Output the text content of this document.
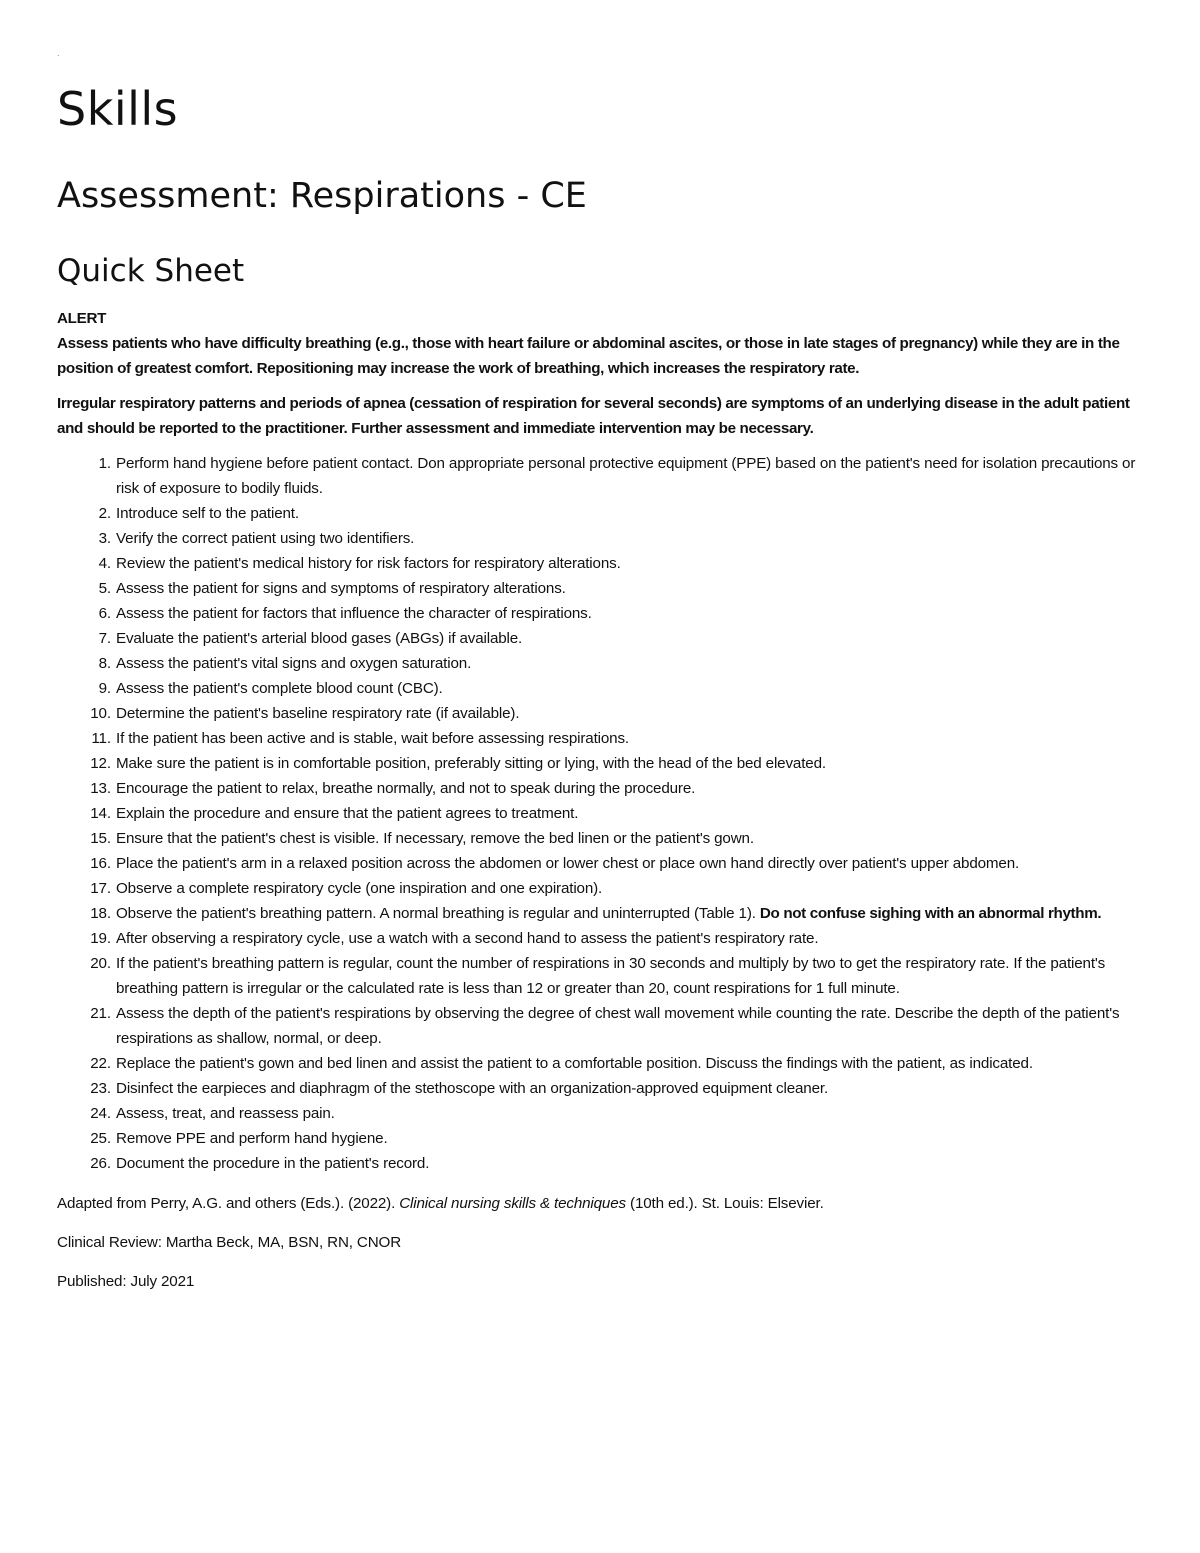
.
Skills
Assessment: Respirations - CE
Quick Sheet

ALERT

Assess patients who have difficulty breathing (e.g., those with heart failure or abdominal ascites, or those in late stages of pregnancy) while they are in the position of greatest comfort. Repositioning may increase the work of breathing, which increases the respiratory rate.

Irregular respiratory patterns and periods of apnea (cessation of respiration for several seconds) are symptoms of an underlying disease in the adult patient and should be reported to the practitioner. Further assessment and immediate intervention may be necessary.

1. Perform hand hygiene before patient contact. Don appropriate personal protective equipment (PPE) based on the patient's need for isolation precautions or risk of exposure to bodily fluids.
2. Introduce self to the patient.
3. Verify the correct patient using two identifiers.
4. Review the patient's medical history for risk factors for respiratory alterations.
5. Assess the patient for signs and symptoms of respiratory alterations.
6. Assess the patient for factors that influence the character of respirations.
7. Evaluate the patient's arterial blood gases (ABGs) if available.
8. Assess the patient's vital signs and oxygen saturation.
9. Assess the patient's complete blood count (CBC).
10. Determine the patient's baseline respiratory rate (if available).
11. If the patient has been active and is stable, wait before assessing respirations.
12. Make sure the patient is in comfortable position, preferably sitting or lying, with the head of the bed elevated.
13. Encourage the patient to relax, breathe normally, and not to speak during the procedure.
14. Explain the procedure and ensure that the patient agrees to treatment.
15. Ensure that the patient's chest is visible. If necessary, remove the bed linen or the patient's gown.
16. Place the patient's arm in a relaxed position across the abdomen or lower chest or place own hand directly over patient's upper abdomen.
17. Observe a complete respiratory cycle (one inspiration and one expiration).
18. Observe the patient's breathing pattern. A normal breathing is regular and uninterrupted (Table 1). Do not confuse sighing with an abnormal rhythm.
19. After observing a respiratory cycle, use a watch with a second hand to assess the patient's respiratory rate.
20. If the patient's breathing pattern is regular, count the number of respirations in 30 seconds and multiply by two to get the respiratory rate. If the patient's breathing pattern is irregular or the calculated rate is less than 12 or greater than 20, count respirations for 1 full minute.
21. Assess the depth of the patient's respirations by observing the degree of chest wall movement while counting the rate. Describe the depth of the patient's respirations as shallow, normal, or deep.
22. Replace the patient's gown and bed linen and assist the patient to a comfortable position. Discuss the findings with the patient, as indicated.
23. Disinfect the earpieces and diaphragm of the stethoscope with an organization-approved equipment cleaner.
24. Assess, treat, and reassess pain.
25. Remove PPE and perform hand hygiene.
26. Document the procedure in the patient's record.

Adapted from Perry, A.G. and others (Eds.). (2022). Clinical nursing skills & techniques (10th ed.). St. Louis: Elsevier.

Clinical Review: Martha Beck, MA, BSN, RN, CNOR

Published: July 2021
